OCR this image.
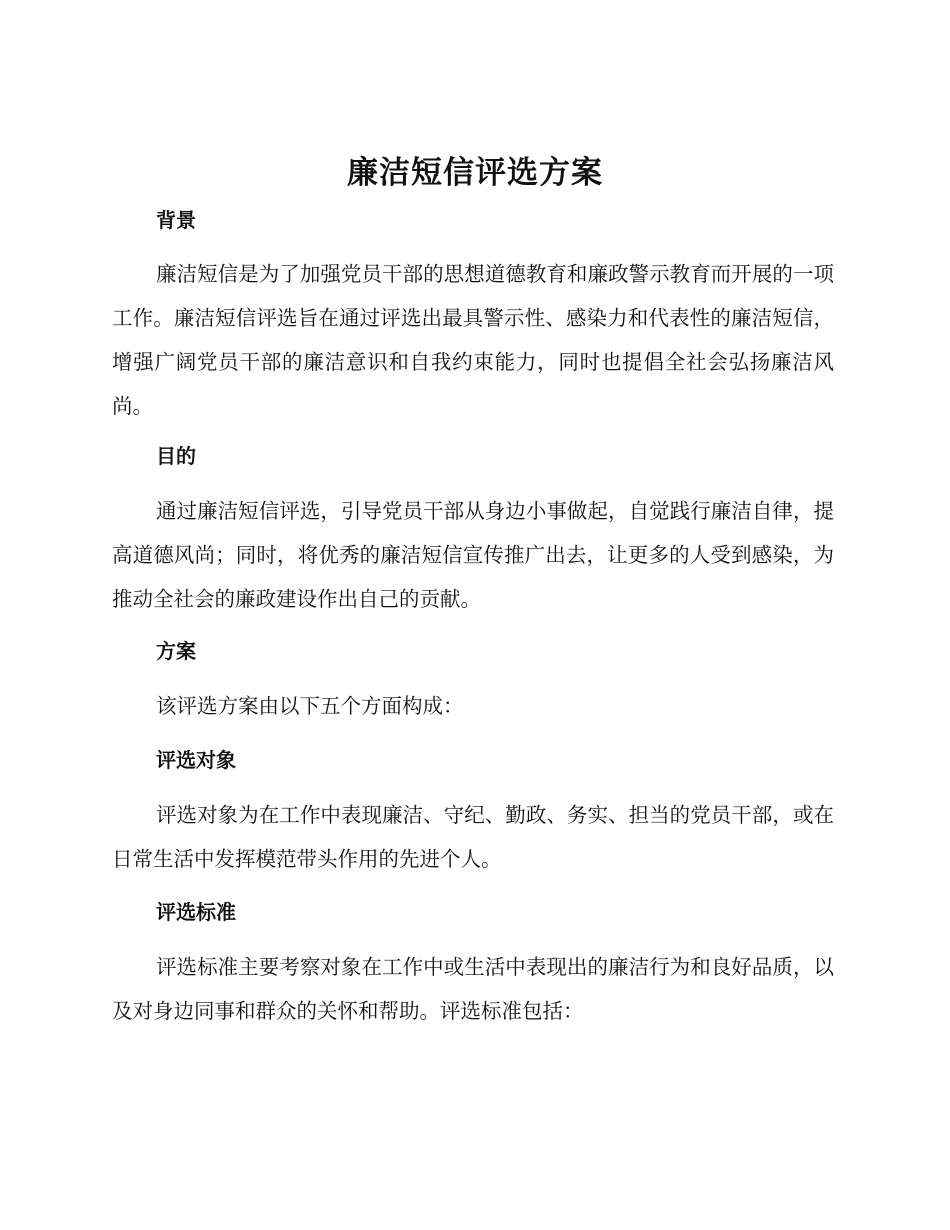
廉洁短信评选方案
背景

廉洁短信是为了加强党员干部的思想道德教育和廉政警示教育而开展的一项工作。廉洁短信评选旨在通过评选出最具警示性、感染力和代表性的廉洁短信，增强广阔党员干部的廉洁意识和自我约束能力，同时也提倡全社会弘扬廉洁风尚。

目的

通过廉洁短信评选，引导党员干部从身边小事做起，自觉践行廉洁自律，提高道德风尚；同时，将优秀的廉洁短信宣传推广出去，让更多的人受到感染，为推动全社会的廉政建设作出自己的贡献。

方案

该评选方案由以下五个方面构成：

评选对象

评选对象为在工作中表现廉洁、守纪、勤政、务实、担当的党员干部，或在日常生活中发挥模范带头作用的先进个人。

评选标准

评选标准主要考察对象在工作中或生活中表现出的廉洁行为和良好品质，以及对身边同事和群众的关怀和帮助。评选标准包括：
